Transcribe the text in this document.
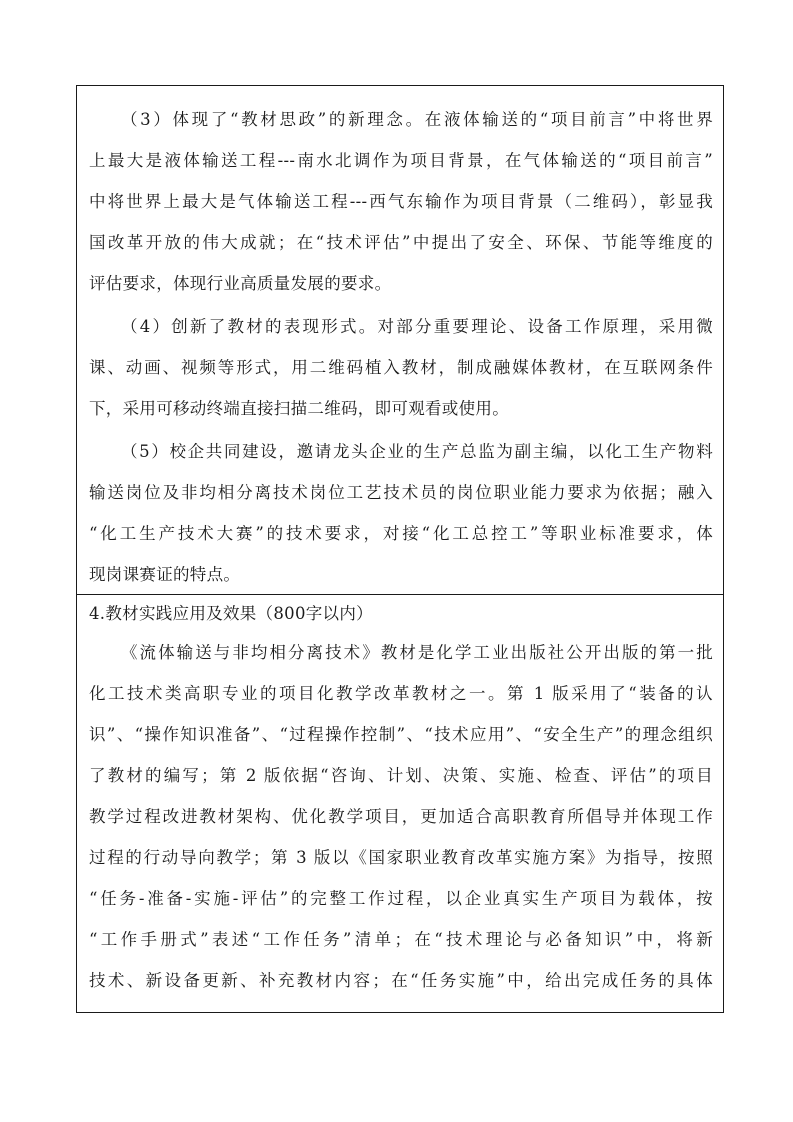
（3）体现了“教材思政”的新理念。在液体输送的“项目前言”中将世界
上最大是液体输送工程---南水北调作为项目背景，在气体输送的“项目前言”
中将世界上最大是气体输送工程---西气东输作为项目背景（二维码），彰显我
国改革开放的伟大成就；在“技术评估”中提出了安全、环保、节能等维度的
评估要求，体现行业高质量发展的要求。
（4）创新了教材的表现形式。对部分重要理论、设备工作原理，采用微
课、动画、视频等形式，用二维码植入教材，制成融媒体教材，在互联网条件
下，采用可移动终端直接扫描二维码，即可观看或使用。
（5）校企共同建设，邀请龙头企业的生产总监为副主编，以化工生产物料
输送岗位及非均相分离技术岗位工艺技术员的岗位职业能力要求为依据；融入
“化工生产技术大赛”的技术要求，对接“化工总控工”等职业标准要求，体
现岗课赛证的特点。
4.教材实践应用及效果（800字以内）
《流体输送与非均相分离技术》教材是化学工业出版社公开出版的第一批
化工技术类高职专业的项目化教学改革教材之一。第 1 版采用了“装备的认
识”、“操作知识准备”、“过程操作控制”、“技术应用”、“安全生产”的理念组织
了教材的编写；第 2 版依据“咨询、计划、决策、实施、检查、评估”的项目
教学过程改进教材架构、优化教学项目，更加适合高职教育所倡导并体现工作
过程的行动导向教学；第 3 版以《国家职业教育改革实施方案》为指导，按照
“任务-准备-实施-评估”的完整工作过程，以企业真实生产项目为载体，按
“工作手册式”表述“工作任务”清单；在“技术理论与必备知识”中，将新
技术、新设备更新、补充教材内容；在“任务实施”中，给出完成任务的具体
